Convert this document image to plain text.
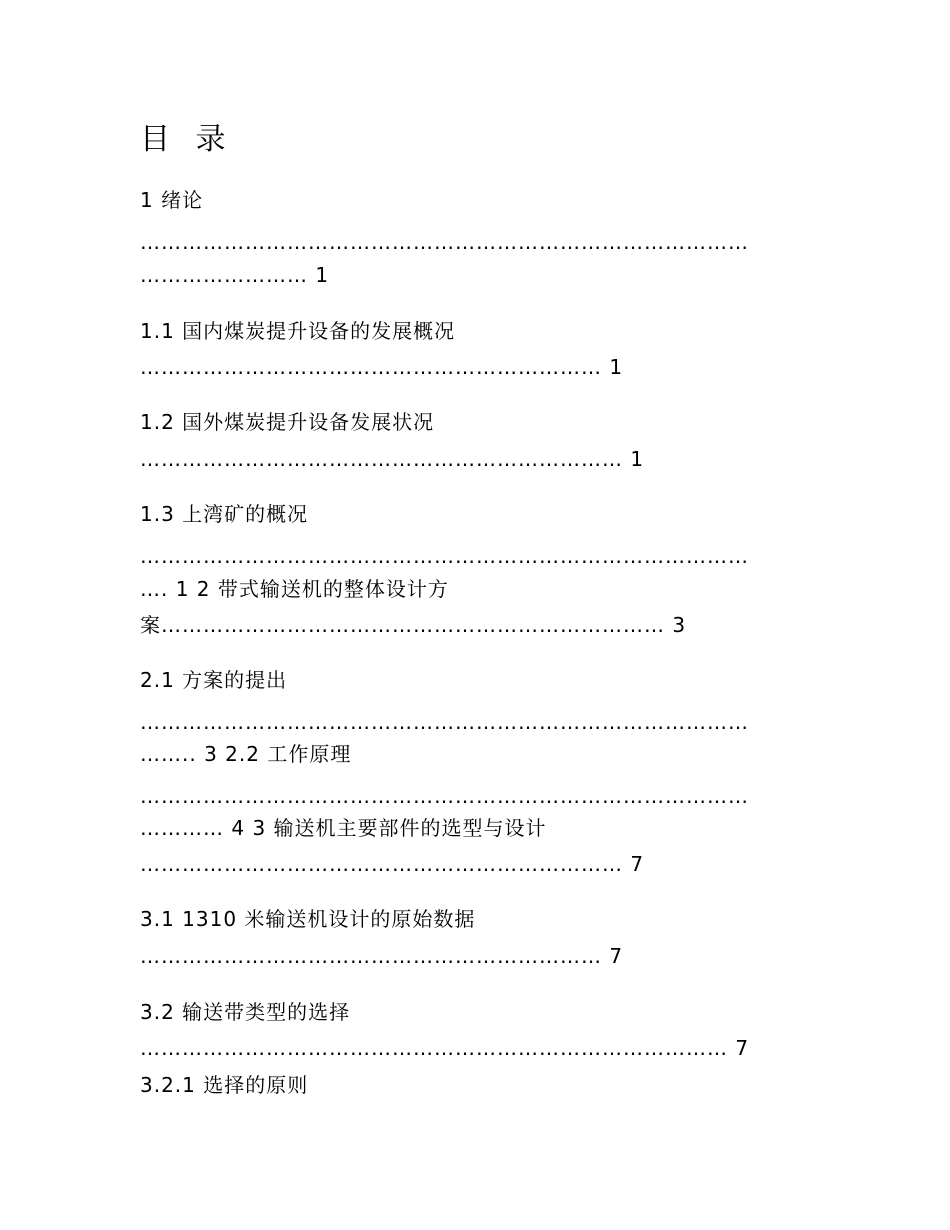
目 录
1 绪论
……………………………………………………………………………
…………………… 1
1.1 国内煤炭提升设备的发展概况
………………………………………………………… 1
1.2 国外煤炭提升设备发展状况
…………………………………………………………… 1
1.3 上湾矿的概况
……………………………………………………………………………
…. 1 2 带式输送机的整体设计方
案……………………………………………………………… 3
2.1 方案的提出
……………………………………………………………………………
…….. 3 2.2 工作原理
……………………………………………………………………………
………… 4 3 输送机主要部件的选型与设计
…………………………………………………………… 7
3.1 1310 米输送机设计的原始数据
………………………………………………………… 7
3.2 输送带类型的选择
………………………………………………………………………… 7
3.2.1 选择的原则
